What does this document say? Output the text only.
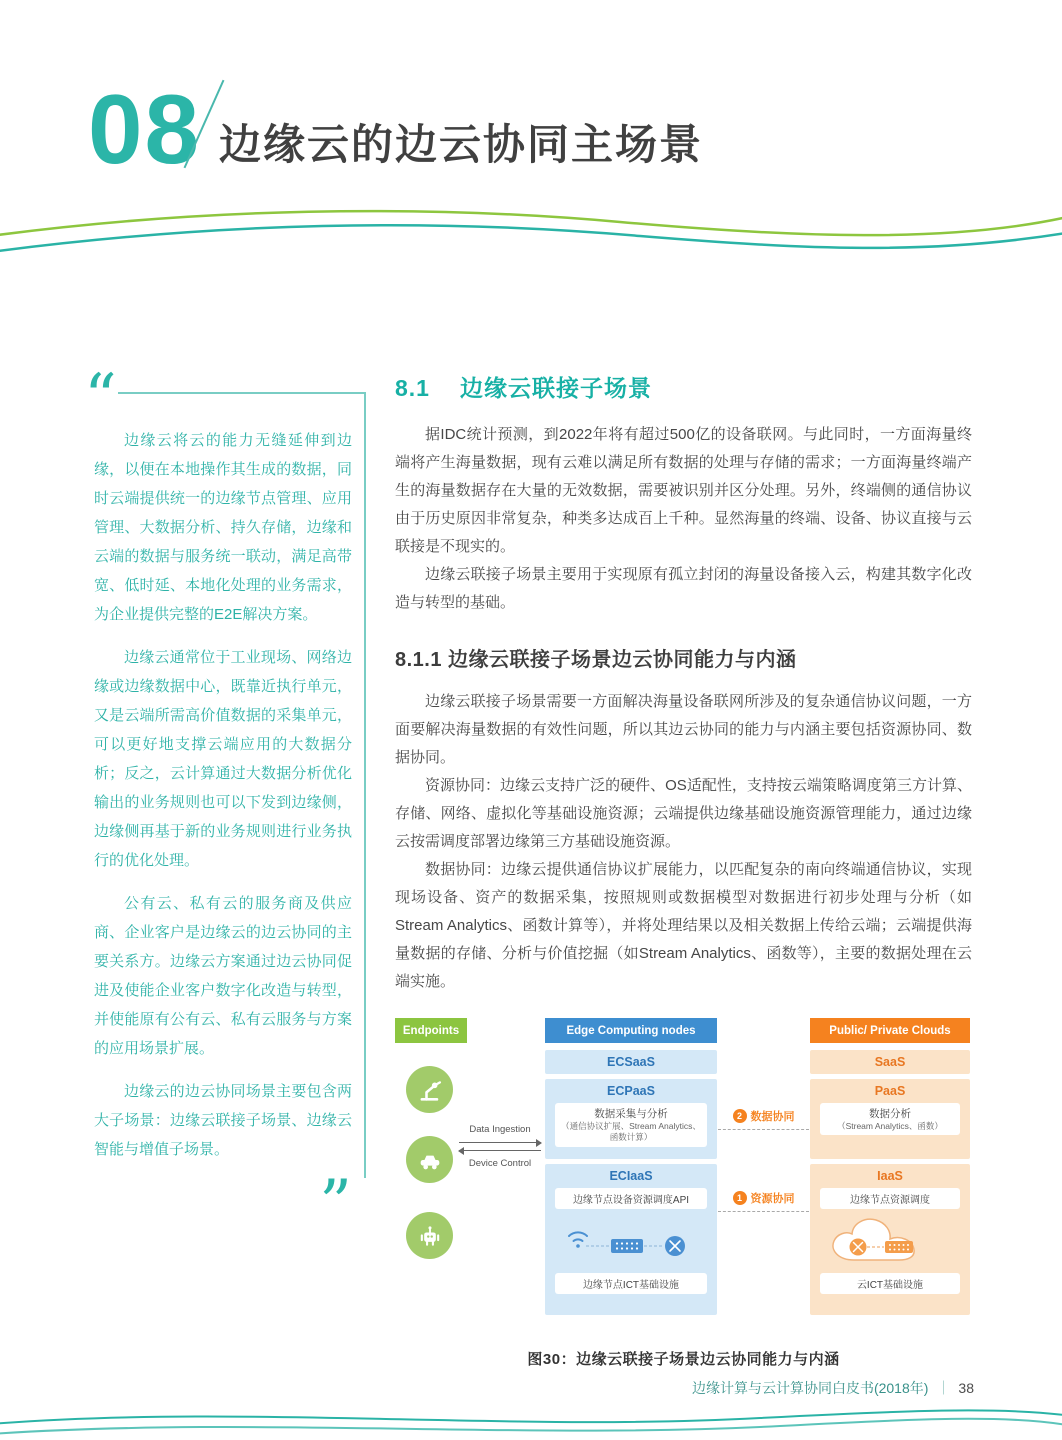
08 边缘云的边云协同主场景
“

边缘云将云的能力无缝延伸到边缘，以便在本地操作其生成的数据，同时云端提供统一的边缘节点管理、应用管理、大数据分析、持久存储，边缘和云端的数据与服务统一联动，满足高带宽、低时延、本地化处理的业务需求，为企业提供完整的E2E解决方案。

边缘云通常位于工业现场、网络边缘或边缘数据中心，既靠近执行单元，又是云端所需高价值数据的采集单元，可以更好地支撑云端应用的大数据分析；反之，云计算通过大数据分析优化输出的业务规则也可以下发到边缘侧，边缘侧再基于新的业务规则进行业务执行的优化处理。

公有云、私有云的服务商及供应商、企业客户是边缘云的边云协同的主要关系方。边缘云方案通过边云协同促进及使能企业客户数字化改造与转型，并使能原有公有云、私有云服务与方案的应用场景扩展。

边缘云的边云协同场景主要包含两大子场景：边缘云联接子场景、边缘云智能与增值子场景。

”
8.1 边缘云联接子场景

据IDC统计预测，到2022年将有超过500亿的设备联网。与此同时，一方面海量终端将产生海量数据，现有云难以满足所有数据的处理与存储的需求；一方面海量终端产生的海量数据存在大量的无效数据，需要被识别并区分处理。另外，终端侧的通信协议由于历史原因非常复杂，种类多达成百上千种。显然海量的终端、设备、协议直接与云联接是不现实的。

边缘云联接子场景主要用于实现原有孤立封闭的海量设备接入云，构建其数字化改造与转型的基础。

8.1.1 边缘云联接子场景边云协同能力与内涵

边缘云联接子场景需要一方面解决海量设备联网所涉及的复杂通信协议问题，一方面要解决海量数据的有效性问题，所以其边云协同的能力与内涵主要包括资源协同、数据协同。

资源协同：边缘云支持广泛的硬件、OS适配性，支持按云端策略调度第三方计算、存储、网络、虚拟化等基础设施资源；云端提供边缘基础设施资源管理能力，通过边缘云按需调度部署边缘第三方基础设施资源。

数据协同：边缘云提供通信协议扩展能力，以匹配复杂的南向终端通信协议，实现现场设备、资产的数据采集，按照规则或数据模型对数据进行初步处理与分析（如Stream Analytics、函数计算等），并将处理结果以及相关数据上传给云端；云端提供海量数据的存储、分析与价值挖掘（如Stream Analytics、函数等），主要的数据处理在云端实施。

Endpoints	Edge Computing nodes	Public/ Private Clouds
Data Ingestion
Device Control
ECSaaS
ECPaaS
数据采集与分析
（通信协议扩展、Stream Analytics、函数计算）
ECIaaS
边缘节点设备资源调度API
边缘节点ICT基础设施
SaaS
PaaS
数据分析
（Stream Analytics、函数）
IaaS
边缘节点资源调度
云ICT基础设施
2 数据协同
1 资源协同
图30：边缘云联接子场景边云协同能力与内涵
边缘计算与云计算协同白皮书(2018年) ｜ 38
